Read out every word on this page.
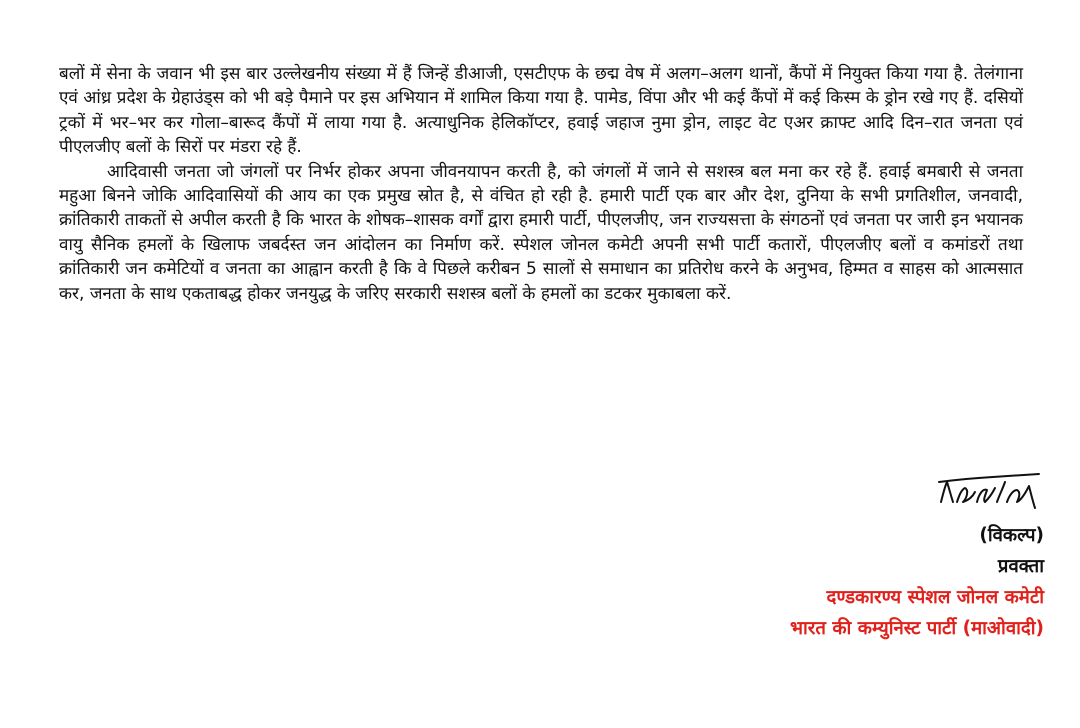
बलों में सेना के जवान भी इस बार उल्लेखनीय संख्या में हैं जिन्हें डीआजी, एसटीएफ के छद्म वेष में अलग–अलग थानों, कैंपों में नियुक्त किया गया है. तेलंगाना एवं आंध्र प्रदेश के ग्रेहाउंड्स को भी बड़े पैमाने पर इस अभियान में शामिल किया गया है. पामेड, विंपा और भी कई कैंपों में कई किस्म के ड्रोन रखे गए हैं. दसियों ट्रकों में भर–भर कर गोला–बारूद कैंपों में लाया गया है. अत्याधुनिक हेलिकॉप्टर, हवाई जहाज नुमा ड्रोन, लाइट वेट एअर क्राफ्ट आदि दिन–रात जनता एवं पीएलजीए बलों के सिरों पर मंडरा रहे हैं.

आदिवासी जनता जो जंगलों पर निर्भर होकर अपना जीवनयापन करती है, को जंगलों में जाने से सशस्त्र बल मना कर रहे हैं. हवाई बमबारी से जनता महुआ बिनने जोकि आदिवासियों की आय का एक प्रमुख स्रोत है, से वंचित हो रही है. हमारी पार्टी एक बार और देश, दुनिया के सभी प्रगतिशील, जनवादी, क्रांतिकारी ताकतों से अपील करती है कि भारत के शोषक–शासक वर्गों द्वारा हमारी पार्टी, पीएलजीए, जन राज्यसत्ता के संगठनों एवं जनता पर जारी इन भयानक वायु सैनिक हमलों के खिलाफ जबर्दस्त जन आंदोलन का निर्माण करें. स्पेशल जोनल कमेटी अपनी सभी पार्टी कतारों, पीएलजीए बलों व कमांडरों तथा क्रांतिकारी जन कमेटियों व जनता का आह्वान करती है कि वे पिछले करीबन 5 सालों से समाधान का प्रतिरोध करने के अनुभव, हिम्मत व साहस को आत्मसात कर, जनता के साथ एकताबद्ध होकर जनयुद्ध के जरिए सरकारी सशस्त्र बलों के हमलों का डटकर मुकाबला करें.

(विकल्प)
प्रवक्ता
दण्डकारण्य स्पेशल जोनल कमेटी
भारत की कम्युनिस्ट पार्टी (माओवादी)
